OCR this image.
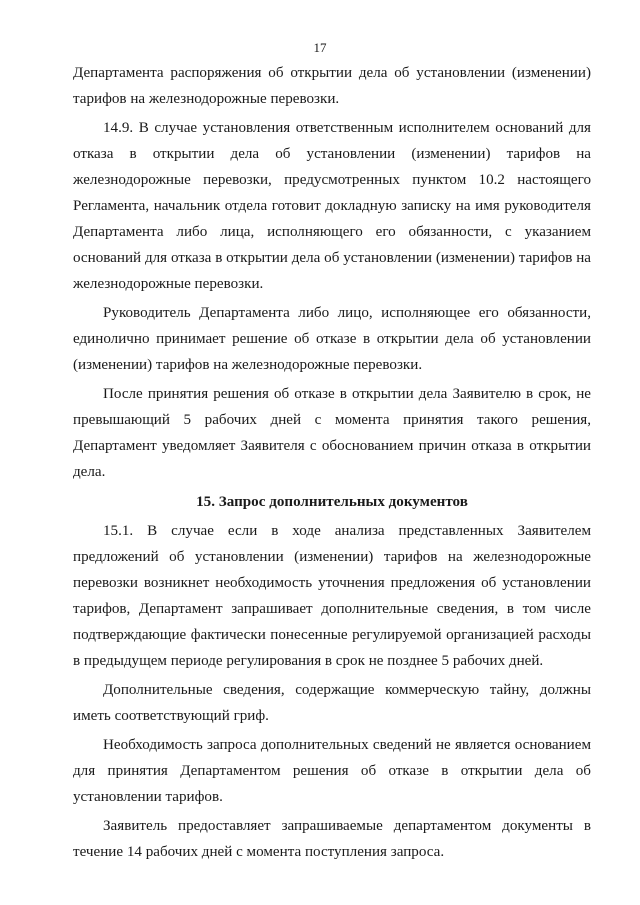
17

Департамента распоряжения об открытии дела об установлении (изменении) тарифов на железнодорожные перевозки.

14.9. В случае установления ответственным исполнителем оснований для отказа в открытии дела об установлении (изменении) тарифов на железнодорожные перевозки, предусмотренных пунктом 10.2 настоящего Регламента, начальник отдела готовит докладную записку на имя руководителя Департамента либо лица, исполняющего его обязанности, с указанием оснований для отказа в открытии дела об установлении (изменении) тарифов на железнодорожные перевозки.

Руководитель Департамента либо лицо, исполняющее его обязанности, единолично принимает решение об отказе в открытии дела об установлении (изменении) тарифов на железнодорожные перевозки.

После принятия решения об отказе в открытии дела Заявителю в срок, не превышающий 5 рабочих дней с момента принятия такого решения, Департамент уведомляет Заявителя с обоснованием причин отказа в открытии дела.

15. Запрос дополнительных документов

15.1. В случае если в ходе анализа представленных Заявителем предложений об установлении (изменении) тарифов на железнодорожные перевозки возникнет необходимость уточнения предложения об установлении тарифов, Департамент запрашивает дополнительные сведения, в том числе подтверждающие фактически понесенные регулируемой организацией расходы в предыдущем периоде регулирования в срок не позднее 5 рабочих дней.

Дополнительные сведения, содержащие коммерческую тайну, должны иметь соответствующий гриф.

Необходимость запроса дополнительных сведений не является основанием для принятия Департаментом решения об отказе в открытии дела об установлении тарифов.

Заявитель предоставляет запрашиваемые департаментом документы в течение 14 рабочих дней с момента поступления запроса.
